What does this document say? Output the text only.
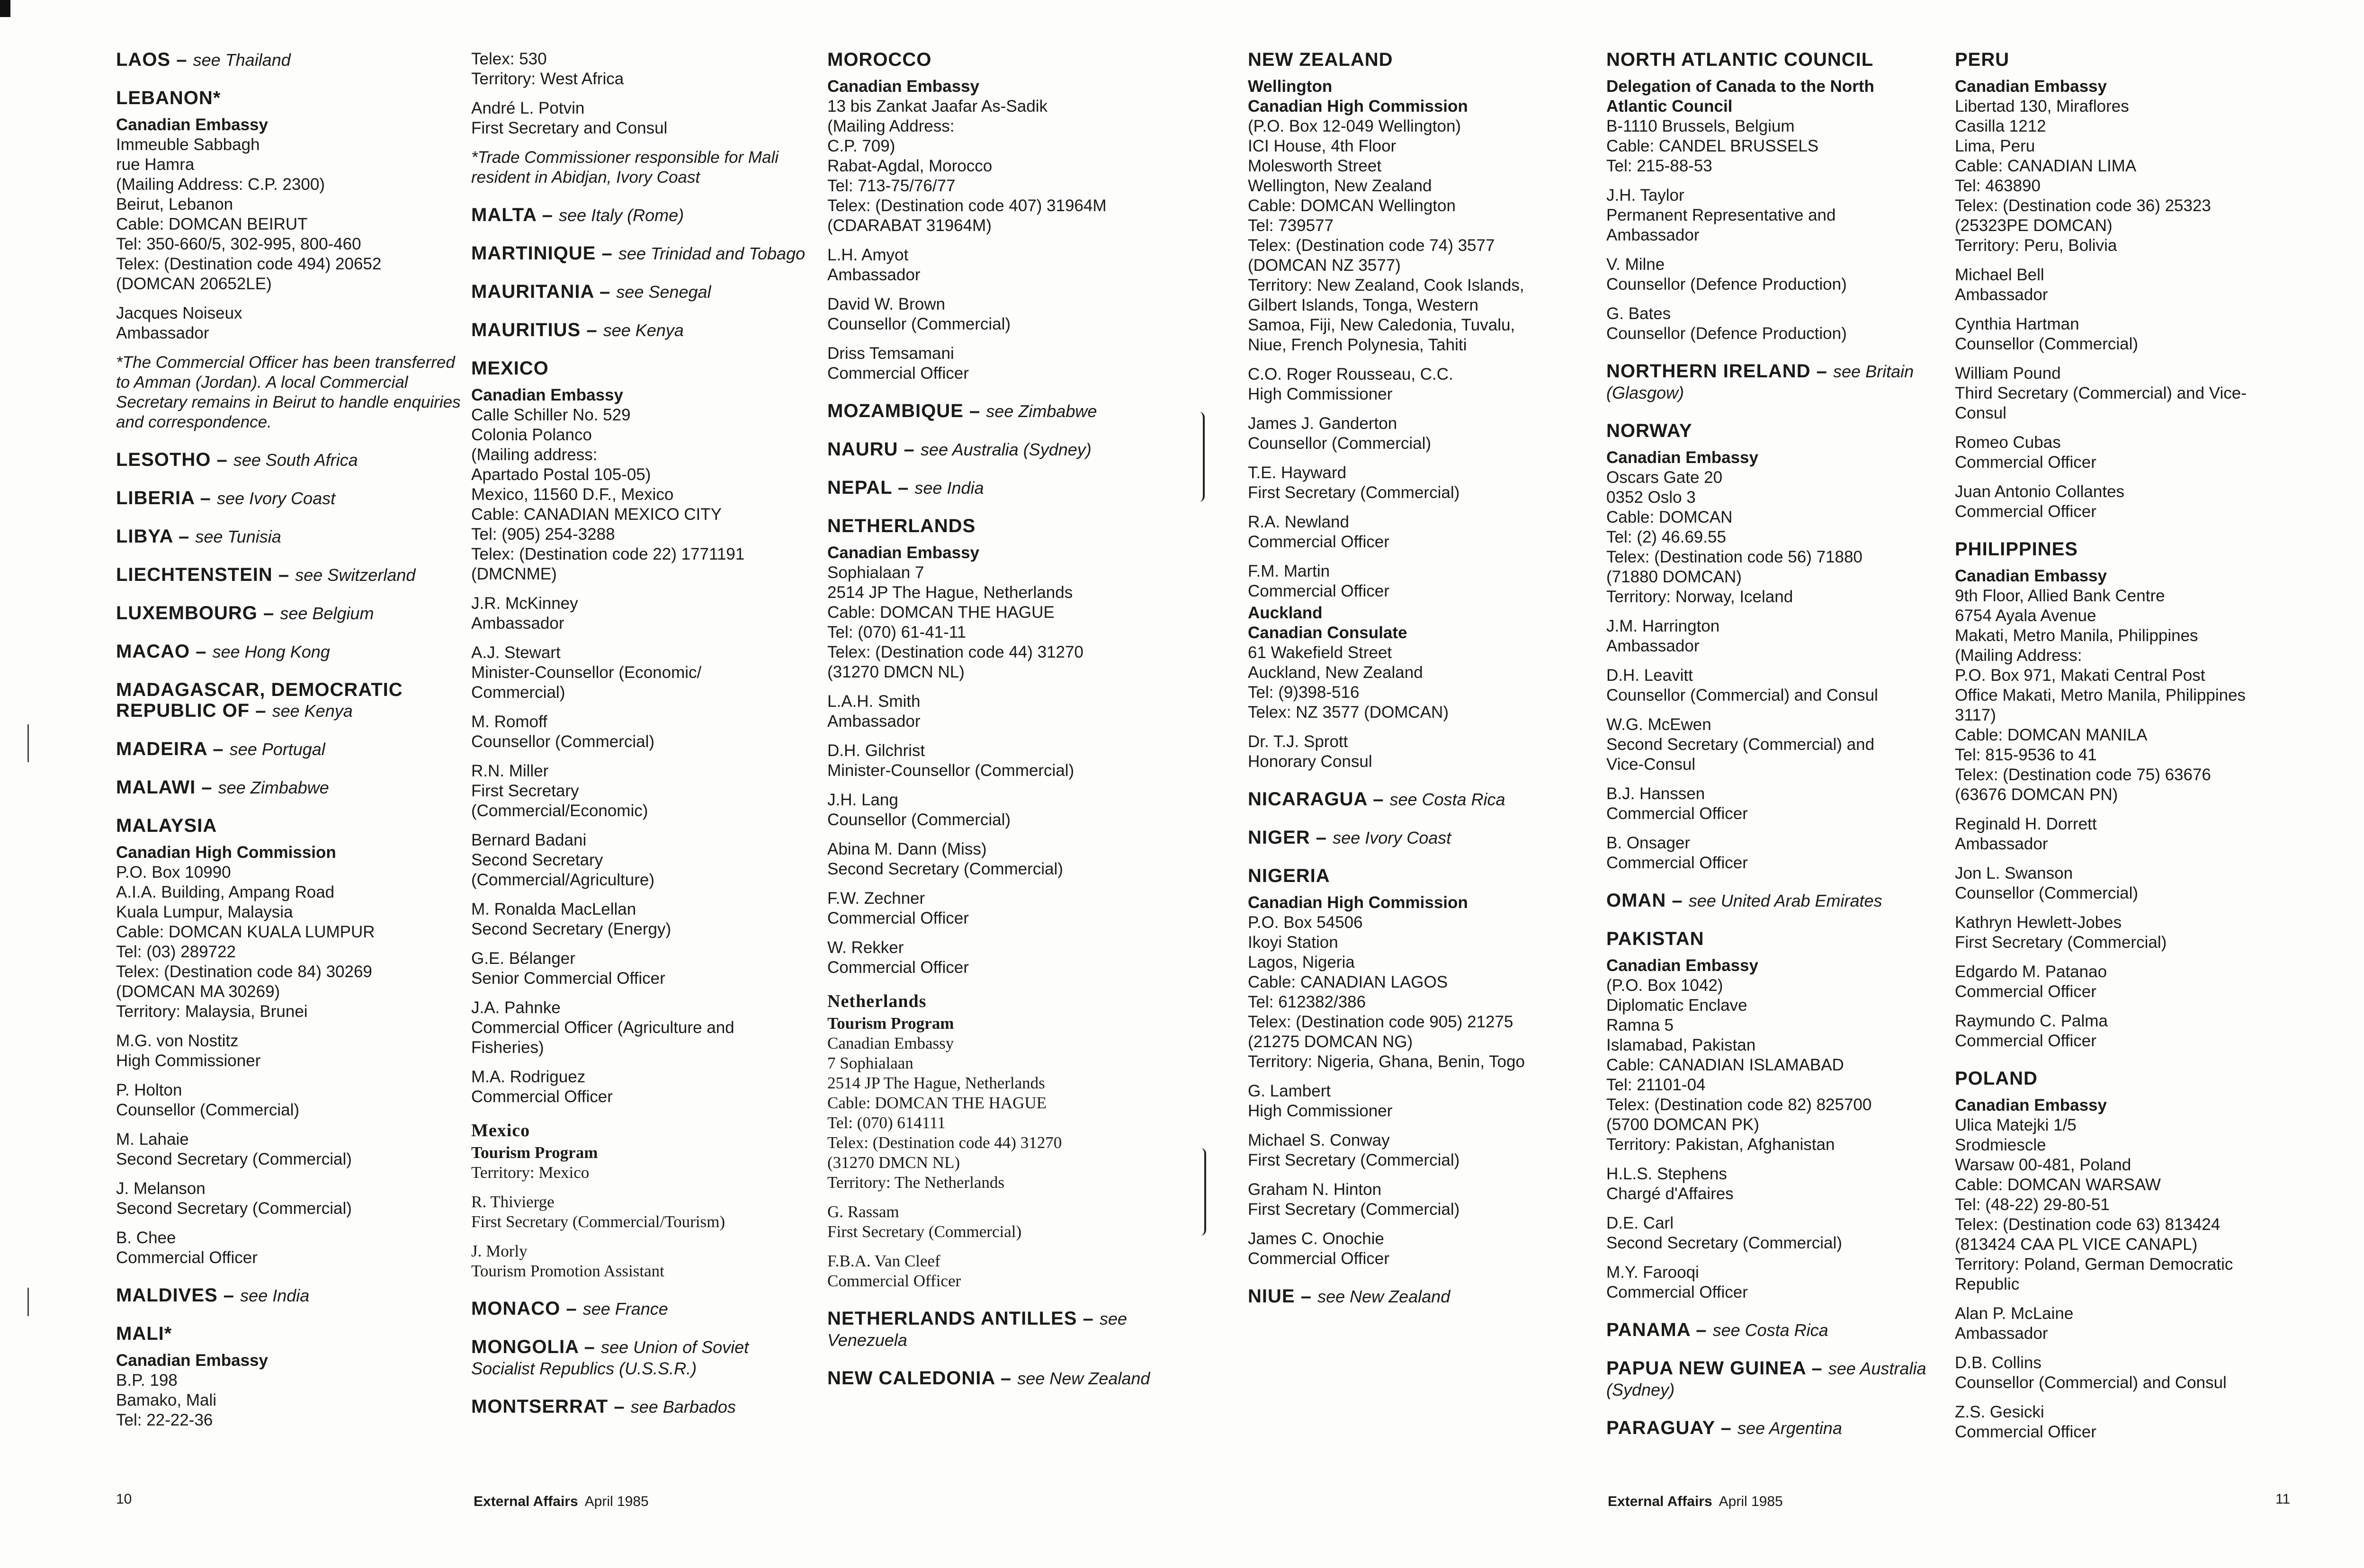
LAOS – see Thailand
LEBANON*
Canadian Embassy
Immeuble Sabbagh
rue Hamra
(Mailing Address: C.P. 2300)
Beirut, Lebanon
Cable: DOMCAN BEIRUT
Tel: 350-660/5, 302-995, 800-460
Telex: (Destination code 494) 20652
(DOMCAN 20652LE)
Jacques Noiseux
Ambassador
*The Commercial Officer has been transferred to Amman (Jordan). A local Commercial Secretary remains in Beirut to handle enquiries and correspondence.
LESOTHO – see South Africa
LIBERIA – see Ivory Coast
LIBYA – see Tunisia
LIECHTENSTEIN – see Switzerland
LUXEMBOURG – see Belgium
MACAO – see Hong Kong
MADAGASCAR, DEMOCRATIC REPUBLIC OF – see Kenya
MADEIRA – see Portugal
MALAWI – see Zimbabwe
MALAYSIA
Canadian High Commission
P.O. Box 10990
A.I.A. Building, Ampang Road
Kuala Lumpur, Malaysia
Cable: DOMCAN KUALA LUMPUR
Tel: (03) 289722
Telex: (Destination code 84) 30269
(DOMCAN MA 30269)
Territory: Malaysia, Brunei
M.G. von Nostitz
High Commissioner
P. Holton
Counsellor (Commercial)
M. Lahaie
Second Secretary (Commercial)
J. Melanson
Second Secretary (Commercial)
B. Chee
Commercial Officer
MALDIVES – see India
MALI*
Canadian Embassy
B.P. 198
Bamako, Mali
Tel: 22-22-36
Telex: 530
Territory: West Africa
André L. Potvin
First Secretary and Consul
*Trade Commissioner responsible for Mali resident in Abidjan, Ivory Coast
MALTA – see Italy (Rome)
MARTINIQUE – see Trinidad and Tobago
MAURITANIA – see Senegal
MAURITIUS – see Kenya
MEXICO
Canadian Embassy
Calle Schiller No. 529
Colonia Polanco
(Mailing address:
Apartado Postal 105-05)
Mexico, 11560 D.F., Mexico
Cable: CANADIAN MEXICO CITY
Tel: (905) 254-3288
Telex: (Destination code 22) 1771191
(DMCNME)
J.R. McKinney
Ambassador
A.J. Stewart
Minister-Counsellor (Economic/
Commercial)
M. Romoff
Counsellor (Commercial)
R.N. Miller
First Secretary
(Commercial/Economic)
Bernard Badani
Second Secretary
(Commercial/Agriculture)
M. Ronalda MacLellan
Second Secretary (Energy)
G.E. Bélanger
Senior Commercial Officer
J.A. Pahnke
Commercial Officer (Agriculture and
Fisheries)
M.A. Rodriguez
Commercial Officer
Mexico
Tourism Program
Territory: Mexico
R. Thivierge
First Secretary (Commercial/Tourism)
J. Morly
Tourism Promotion Assistant
MONACO – see France
MONGOLIA – see Union of Soviet Socialist Republics (U.S.S.R.)
MONTSERRAT – see Barbados
MOROCCO
Canadian Embassy
13 bis Zankat Jaafar As-Sadik
(Mailing Address:
C.P. 709)
Rabat-Agdal, Morocco
Tel: 713-75/76/77
Telex: (Destination code 407) 31964M
(CDARABAT 31964M)
L.H. Amyot
Ambassador
David W. Brown
Counsellor (Commercial)
Driss Temsamani
Commercial Officer
MOZAMBIQUE – see Zimbabwe
NAURU – see Australia (Sydney)
NEPAL – see India
NETHERLANDS
Canadian Embassy
Sophialaan 7
2514 JP The Hague, Netherlands
Cable: DOMCAN THE HAGUE
Tel: (070) 61-41-11
Telex: (Destination code 44) 31270
(31270 DMCN NL)
L.A.H. Smith
Ambassador
D.H. Gilchrist
Minister-Counsellor (Commercial)
J.H. Lang
Counsellor (Commercial)
Abina M. Dann (Miss)
Second Secretary (Commercial)
F.W. Zechner
Commercial Officer
W. Rekker
Commercial Officer
Netherlands
Tourism Program
Canadian Embassy
7 Sophialaan
2514 JP The Hague, Netherlands
Cable: DOMCAN THE HAGUE
Tel: (070) 614111
Telex: (Destination code 44) 31270
(31270 DMCN NL)
Territory: The Netherlands
G. Rassam
First Secretary (Commercial)
F.B.A. Van Cleef
Commercial Officer
NETHERLANDS ANTILLES – see Venezuela
NEW CALEDONIA – see New Zealand
NEW ZEALAND
Wellington
Canadian High Commission
(P.O. Box 12-049 Wellington)
ICI House, 4th Floor
Molesworth Street
Wellington, New Zealand
Cable: DOMCAN Wellington
Tel: 739577
Telex: (Destination code 74) 3577
(DOMCAN NZ 3577)
Territory: New Zealand, Cook Islands,
Gilbert Islands, Tonga, Western
Samoa, Fiji, New Caledonia, Tuvalu,
Niue, French Polynesia, Tahiti
C.O. Roger Rousseau, C.C.
High Commissioner
James J. Ganderton
Counsellor (Commercial)
T.E. Hayward
First Secretary (Commercial)
R.A. Newland
Commercial Officer
F.M. Martin
Commercial Officer
Auckland
Canadian Consulate
61 Wakefield Street
Auckland, New Zealand
Tel: (9)398-516
Telex: NZ 3577 (DOMCAN)
Dr. T.J. Sprott
Honorary Consul
NICARAGUA – see Costa Rica
NIGER – see Ivory Coast
NIGERIA
Canadian High Commission
P.O. Box 54506
Ikoyi Station
Lagos, Nigeria
Cable: CANADIAN LAGOS
Tel: 612382/386
Telex: (Destination code 905) 21275
(21275 DOMCAN NG)
Territory: Nigeria, Ghana, Benin, Togo
G. Lambert
High Commissioner
Michael S. Conway
First Secretary (Commercial)
Graham N. Hinton
First Secretary (Commercial)
James C. Onochie
Commercial Officer
NIUE – see New Zealand
NORTH ATLANTIC COUNCIL
Delegation of Canada to the North
Atlantic Council
B-1110 Brussels, Belgium
Cable: CANDEL BRUSSELS
Tel: 215-88-53
J.H. Taylor
Permanent Representative and
Ambassador
V. Milne
Counsellor (Defence Production)
G. Bates
Counsellor (Defence Production)
NORTHERN IRELAND – see Britain (Glasgow)
NORWAY
Canadian Embassy
Oscars Gate 20
0352 Oslo 3
Cable: DOMCAN
Tel: (2) 46.69.55
Telex: (Destination code 56) 71880
(71880 DOMCAN)
Territory: Norway, Iceland
J.M. Harrington
Ambassador
D.H. Leavitt
Counsellor (Commercial) and Consul
W.G. McEwen
Second Secretary (Commercial) and
Vice-Consul
B.J. Hanssen
Commercial Officer
B. Onsager
Commercial Officer
OMAN – see United Arab Emirates
PAKISTAN
Canadian Embassy
(P.O. Box 1042)
Diplomatic Enclave
Ramna 5
Islamabad, Pakistan
Cable: CANADIAN ISLAMABAD
Tel: 21101-04
Telex: (Destination code 82) 825700
(5700 DOMCAN PK)
Territory: Pakistan, Afghanistan
H.L.S. Stephens
Chargé d'Affaires
D.E. Carl
Second Secretary (Commercial)
M.Y. Farooqi
Commercial Officer
PANAMA – see Costa Rica
PAPUA NEW GUINEA – see Australia (Sydney)
PARAGUAY – see Argentina
PERU
Canadian Embassy
Libertad 130, Miraflores
Casilla 1212
Lima, Peru
Cable: CANADIAN LIMA
Tel: 463890
Telex: (Destination code 36) 25323
(25323PE DOMCAN)
Territory: Peru, Bolivia
Michael Bell
Ambassador
Cynthia Hartman
Counsellor (Commercial)
William Pound
Third Secretary (Commercial) and Vice-
Consul
Romeo Cubas
Commercial Officer
Juan Antonio Collantes
Commercial Officer
PHILIPPINES
Canadian Embassy
9th Floor, Allied Bank Centre
6754 Ayala Avenue
Makati, Metro Manila, Philippines
(Mailing Address:
P.O. Box 971, Makati Central Post
Office Makati, Metro Manila, Philippines
3117)
Cable: DOMCAN MANILA
Tel: 815-9536 to 41
Telex: (Destination code 75) 63676
(63676 DOMCAN PN)
Reginald H. Dorrett
Ambassador
Jon L. Swanson
Counsellor (Commercial)
Kathryn Hewlett-Jobes
First Secretary (Commercial)
Edgardo M. Patanao
Commercial Officer
Raymundo C. Palma
Commercial Officer
POLAND
Canadian Embassy
Ulica Matejki 1/5
Srodmiescle
Warsaw 00-481, Poland
Cable: DOMCAN WARSAW
Tel: (48-22) 29-80-51
Telex: (Destination code 63) 813424
(813424 CAA PL VICE CANAPL)
Territory: Poland, German Democratic
Republic
Alan P. McLaine
Ambassador
D.B. Collins
Counsellor (Commercial) and Consul
Z.S. Gesicki
Commercial Officer
10	External Affairs April 1985	External Affairs April 1985	11
